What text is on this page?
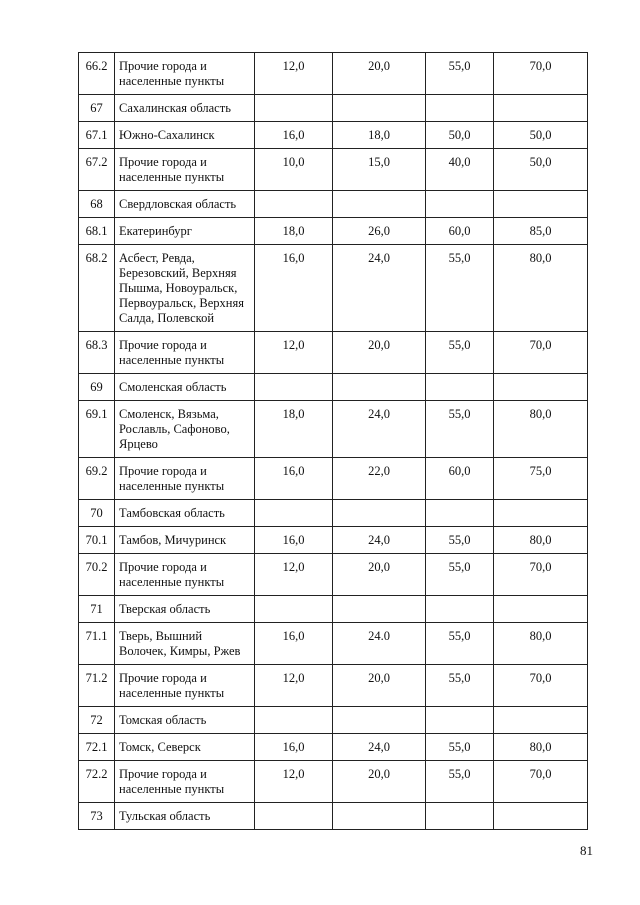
66.2	Прочие города и населенные пункты	12,0	20,0	55,0	70,0
67	Сахалинская область				
67.1	Южно-Сахалинск	16,0	18,0	50,0	50,0
67.2	Прочие города и населенные пункты	10,0	15,0	40,0	50,0
68	Свердловская область				
68.1	Екатеринбург	18,0	26,0	60,0	85,0
68.2	Асбест, Ревда, Березовский, Верхняя Пышма, Новоуральск, Первоуральск, Верхняя Салда, Полевской	16,0	24,0	55,0	80,0
68.3	Прочие города и населенные пункты	12,0	20,0	55,0	70,0
69	Смоленская область				
69.1	Смоленск, Вязьма, Рославль, Сафоново, Ярцево	18,0	24,0	55,0	80,0
69.2	Прочие города и населенные пункты	16,0	22,0	60,0	75,0
70	Тамбовская область				
70.1	Тамбов, Мичуринск	16,0	24,0	55,0	80,0
70.2	Прочие города и населенные пункты	12,0	20,0	55,0	70,0
71	Тверская область				
71.1	Тверь, Вышний Волочек, Кимры, Ржев	16,0	24.0	55,0	80,0
71.2	Прочие города и населенные пункты	12,0	20,0	55,0	70,0
72	Томская область				
72.1	Томск, Северск	16,0	24,0	55,0	80,0
72.2	Прочие города и населенные пункты	12,0	20,0	55,0	70,0
73	Тульская область				
81
